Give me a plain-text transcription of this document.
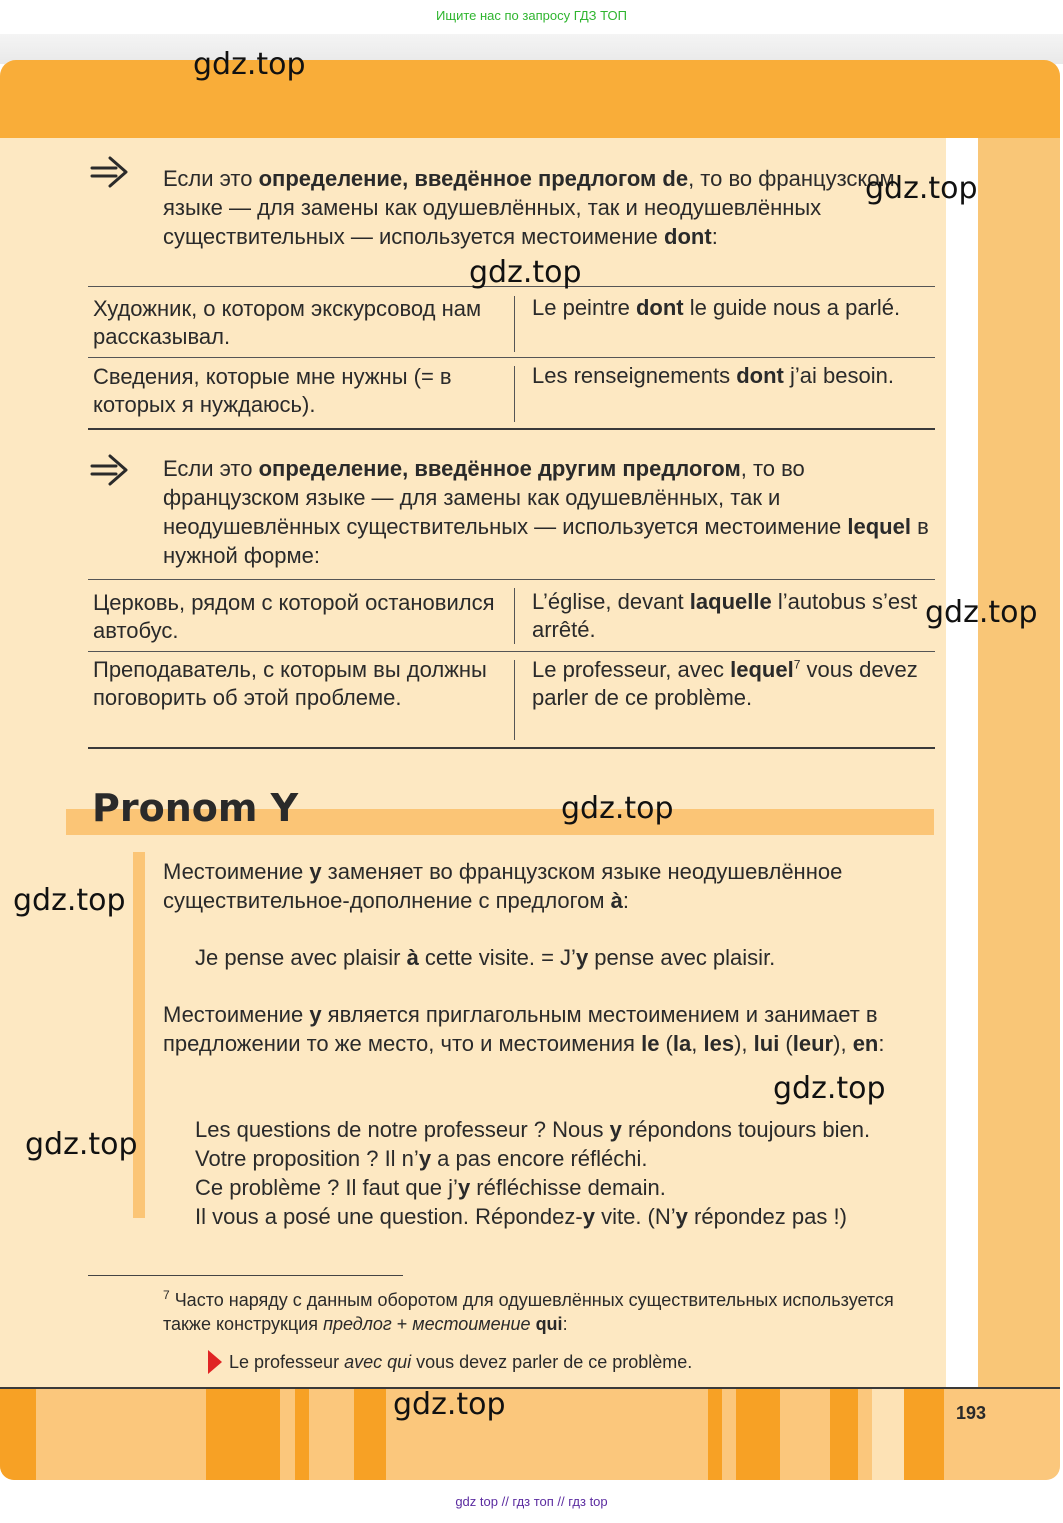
Ищите нас по запросу ГДЗ ТОП
193
Если это определение, введённое предлогом de, то во французском языке — для замены как одушевлённых, так и неодушевлённых существительных — используется местоимение dont:
Художник, о котором экскурсовод нам рассказывал.
Le peintre dont le guide nous a parlé.
Сведения, которые мне нужны (= в которых я нуждаюсь).
Les renseignements dont j’ai besoin.
Если это определение, введённое другим предлогом, то во французском языке — для замены как одушевлённых, так и неодушевлённых существительных — используется местоимение lequel в нужной форме:
Церковь, рядом с которой остановился автобус.
L’église, devant laquelle l’autobus s’est arrêté.
Преподаватель, с которым вы должны поговорить об этой проблеме.
Le professeur, avec lequel$^7$ vous devez parler de ce problème.
Pronom Y
Местоимение y заменяет во французском языке неодушевлённое существительное-дополнение с предлогом à:
Je pense avec plaisir à cette visite. = J’y pense avec plaisir.
Местоимение y является приглагольным местоимением и занимает в предложении то же место, что и местоимения le (la, les), lui (leur), en:
Les questions de notre professeur ? Nous y répondons toujours bien.
Votre proposition ? Il n’y a pas encore réfléchi.
Ce problème ? Il faut que j’y réfléchisse demain.
Il vous a posé une question. Répondez-y vite. (N’y répondez pas !)
$^7$ Часто наряду с данным оборотом для одушевлённых существительных используется также конструкция предлог + местоимение qui:
Le professeur avec qui vous devez parler de ce problème.
gdz.top
gdz.top
gdz.top
gdz.top
gdz.top
gdz.top
gdz.top
gdz.top
gdz.top
gdz top // гдз топ // гдз top
